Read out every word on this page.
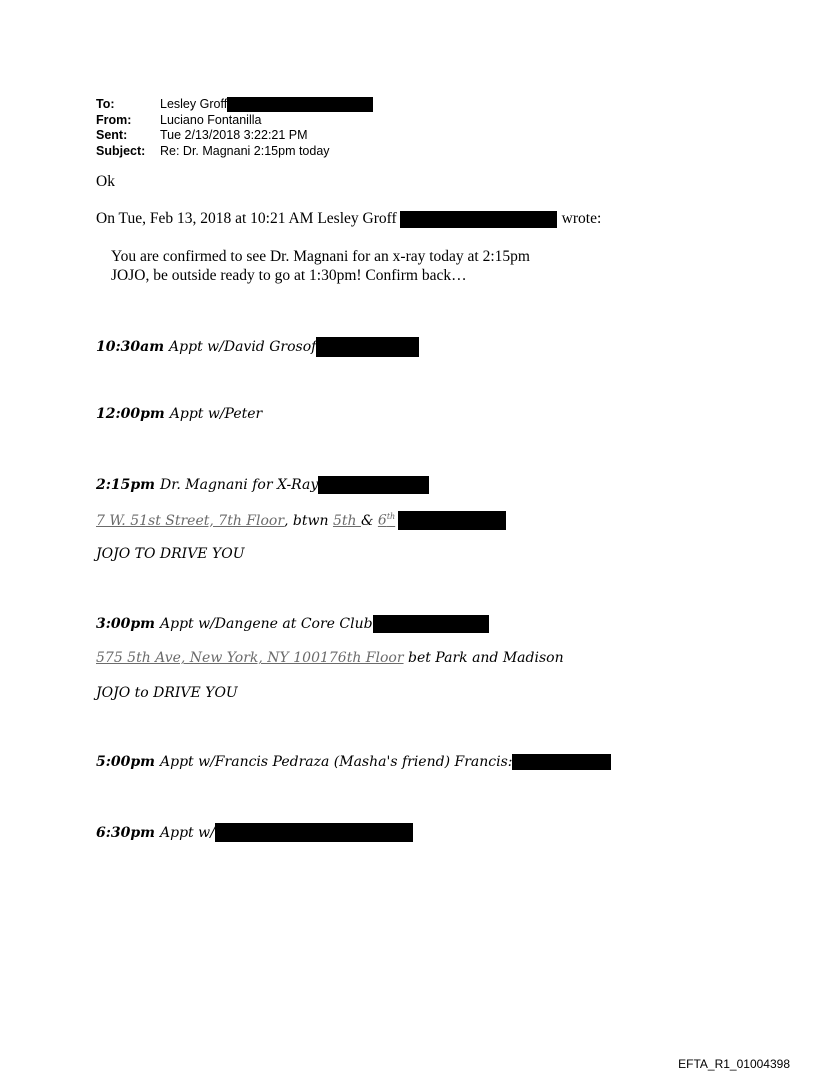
To:	Lesley Groff
From:	Luciano Fontanilla
Sent:	Tue 2/13/2018 3:22:21 PM
Subject:	Re: Dr. Magnani 2:15pm today
Ok
On Tue, Feb 13, 2018 at 10:21 AM Lesley Groff	wrote:
You are confirmed to see Dr. Magnani for an x-ray today at 2:15pm
JOJO, be outside ready to go at 1:30pm! Confirm back…
10:30am Appt w/David Grosof
12:00pm Appt w/Peter
2:15pm Dr. Magnani for X-Ray
7 W. 51st Street, 7th Floor , btwn 5th & 6th
JOJO TO DRIVE YOU
3:00pm Appt w/Dangene at Core Club
575 5th Ave, New York, NY 100176th Floor bet Park and Madison
JOJO to DRIVE YOU
5:00pm Appt w/Francis Pedraza (Masha's friend) Francis:
6:30pm Appt w/
EFTA_R1_01004398
